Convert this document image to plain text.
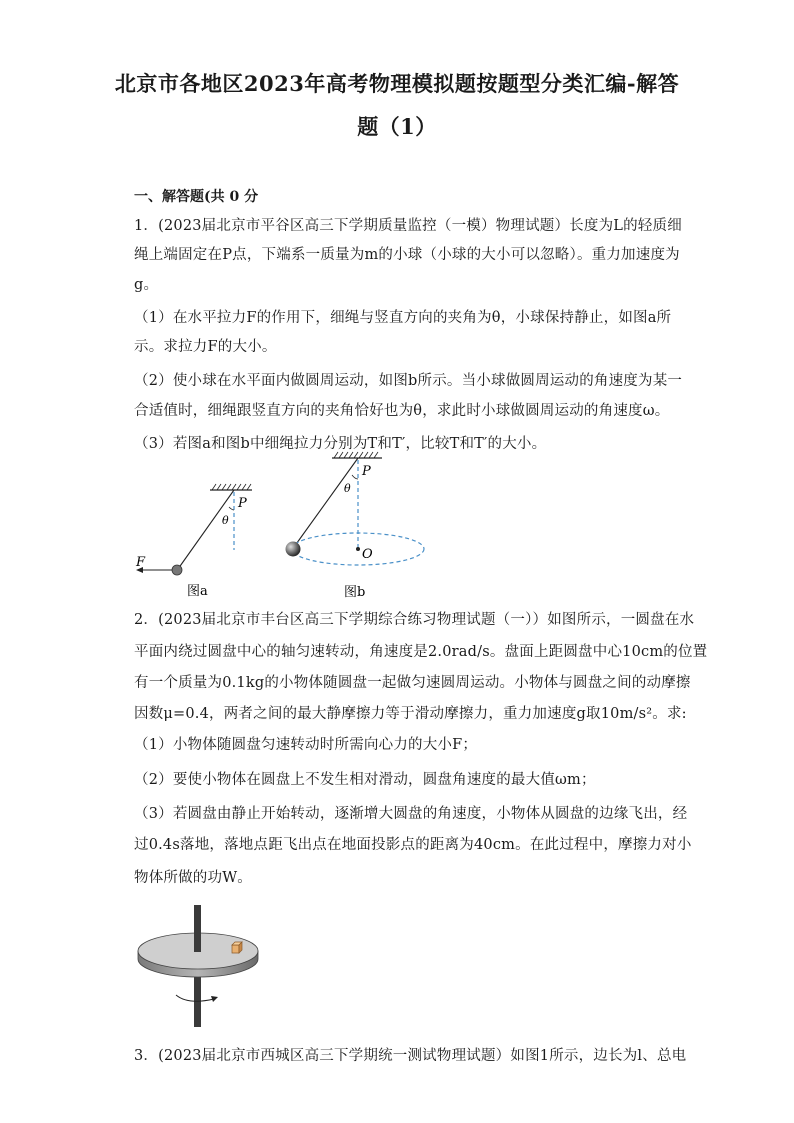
北京市各地区2023年高考物理模拟题按题型分类汇编-解答
题（1）
一、解答题(共 0 分
1．(2023届北京市平谷区高三下学期质量监控（一模）物理试题）长度为L的轻质细
绳上端固定在P点，下端系一质量为m的小球（小球的大小可以忽略）。重力加速度为
g。
（1）在水平拉力F的作用下，细绳与竖直方向的夹角为θ，小球保持静止，如图a所
示。求拉力F的大小。
（2）使小球在水平面内做圆周运动，如图b所示。当小球做圆周运动的角速度为某一
合适值时，细绳跟竖直方向的夹角恰好也为θ，求此时小球做圆周运动的角速度ω。
（3）若图a和图b中细绳拉力分别为T和T′，比较T和T′的大小。
F
P
θ
图a
P
θ
O
图b
2．(2023届北京市丰台区高三下学期综合练习物理试题（一））如图所示，一圆盘在水
平面内绕过圆盘中心的轴匀速转动，角速度是2.0rad/s。盘面上距圆盘中心10cm的位置
有一个质量为0.1kg的小物体随圆盘一起做匀速圆周运动。小物体与圆盘之间的动摩擦
因数μ=0.4，两者之间的最大静摩擦力等于滑动摩擦力，重力加速度g取10m/s²。求:
（1）小物体随圆盘匀速转动时所需向心力的大小F；
（2）要使小物体在圆盘上不发生相对滑动，圆盘角速度的最大值ωm；
（3）若圆盘由静止开始转动，逐渐增大圆盘的角速度，小物体从圆盘的边缘飞出，经
过0.4s落地，落地点距飞出点在地面投影点的距离为40cm。在此过程中，摩擦力对小
物体所做的功W。
3．(2023届北京市西城区高三下学期统一测试物理试题）如图1所示，边长为l、总电
